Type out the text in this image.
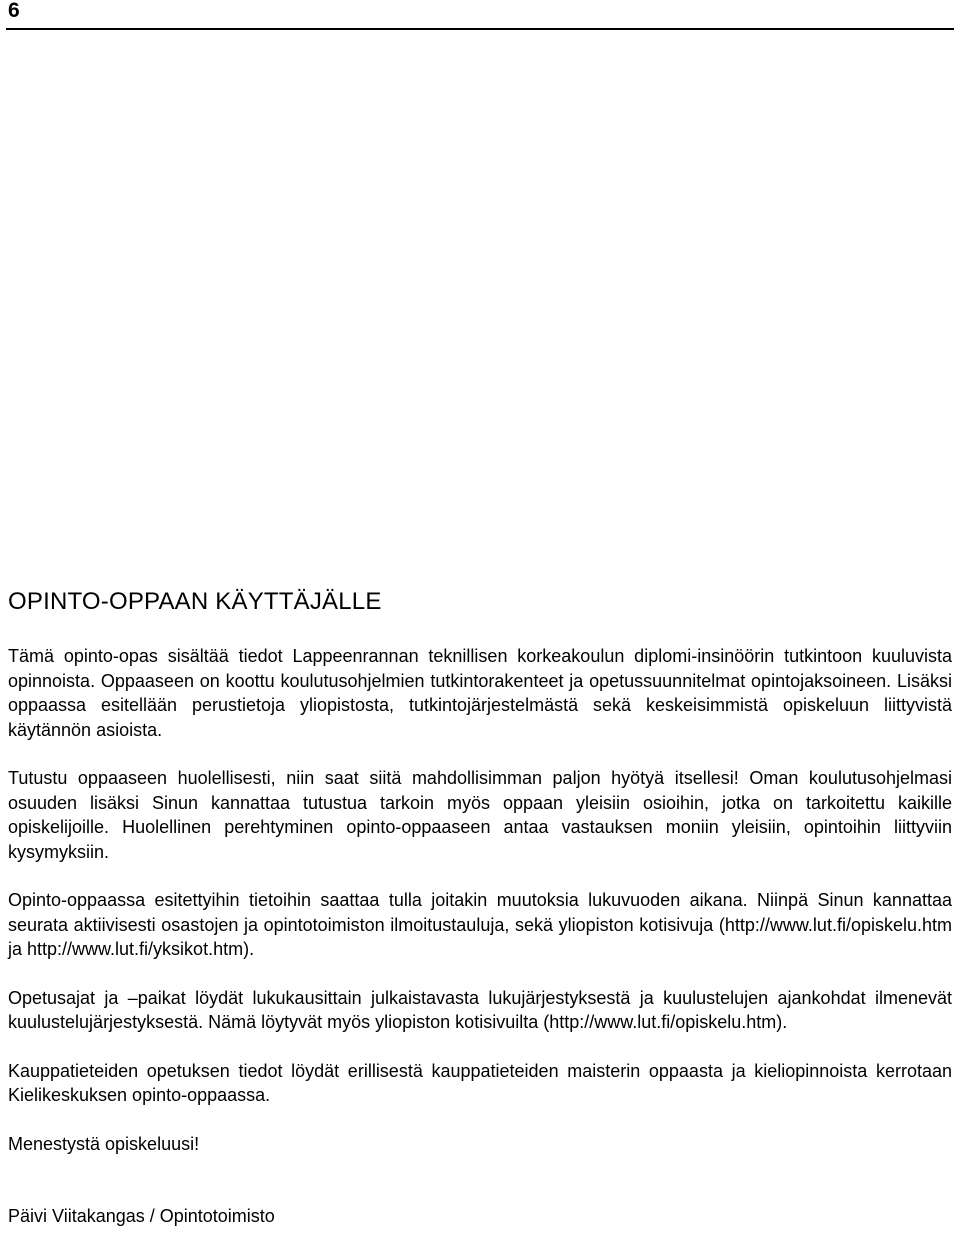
6
OPINTO-OPPAAN KÄYTTÄJÄLLE

Tämä opinto-opas sisältää tiedot Lappeenrannan teknillisen korkeakoulun diplomi-insinöörin tutkintoon kuuluvista opinnoista. Oppaaseen on koottu koulutusohjelmien tutkintorakenteet ja opetussuunnitelmat opintojaksoineen. Lisäksi oppaassa esitellään perustietoja yliopistosta, tutkintojärjestelmästä sekä keskeisimmistä opiskeluun liittyvistä käytännön asioista.

Tutustu oppaaseen huolellisesti, niin saat siitä mahdollisimman paljon hyötyä itsellesi! Oman koulutusohjelmasi osuuden lisäksi Sinun kannattaa tutustua tarkoin myös oppaan yleisiin osioihin, jotka on tarkoitettu kaikille opiskelijoille. Huolellinen perehtyminen opinto-oppaaseen antaa vastauksen moniin yleisiin, opintoihin liittyviin kysymyksiin.

Opinto-oppaassa esitettyihin tietoihin saattaa tulla joitakin muutoksia lukuvuoden aikana. Niinpä Sinun kannattaa seurata aktiivisesti osastojen ja opintotoimiston ilmoitustauluja, sekä yliopiston kotisivuja (http://www.lut.fi/opiskelu.htm ja http://www.lut.fi/yksikot.htm).

Opetusajat ja –paikat löydät lukukausittain julkaistavasta lukujärjestyksestä ja kuulustelujen ajankohdat ilmenevät kuulustelujärjestyksestä. Nämä löytyvät myös yliopiston kotisivuilta (http://www.lut.fi/opiskelu.htm).

Kauppatieteiden opetuksen tiedot löydät erillisestä kauppatieteiden maisterin oppaasta ja kieliopinnoista kerrotaan Kielikeskuksen opinto-oppaassa.

Menestystä opiskeluusi!

Päivi Viitakangas / Opintotoimisto
